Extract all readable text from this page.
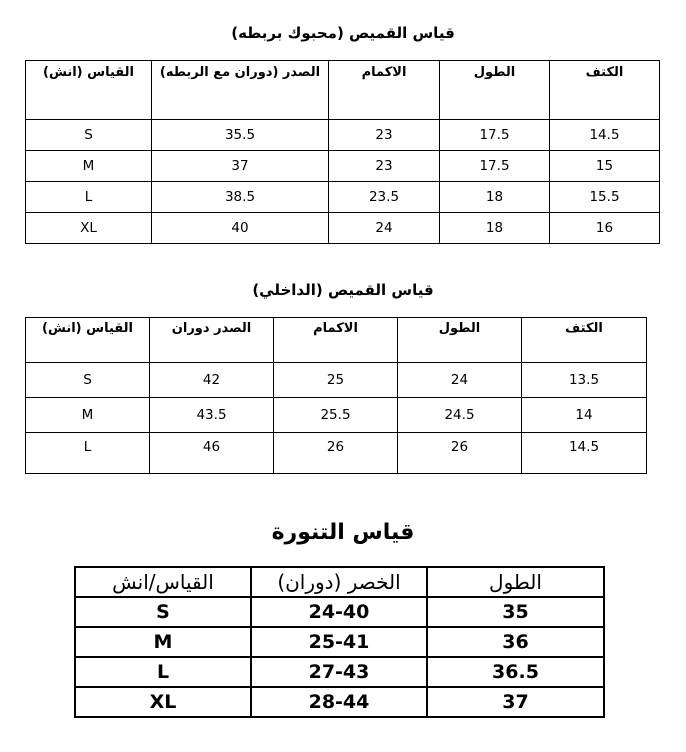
قياس القميص (محبوك بربطه)
القياس (انش)	الصدر (دوران مع الربطه)	الاكمام	الطول	الكتف
S	35.5	23	17.5	14.5
M	37	23	17.5	15
L	38.5	23.5	18	15.5
XL	40	24	18	16
قياس القميص (الداخلي)
القياس (انش)	الصدر دوران	الاكمام	الطول	الكتف
S	42	25	24	13.5
M	43.5	25.5	24.5	14
L	46	26	26	14.5
قياس التنورة
القياس/انش	الخصر (دوران)	الطول
S	24-40	35
M	25-41	36
L	27-43	36.5
XL	28-44	37
